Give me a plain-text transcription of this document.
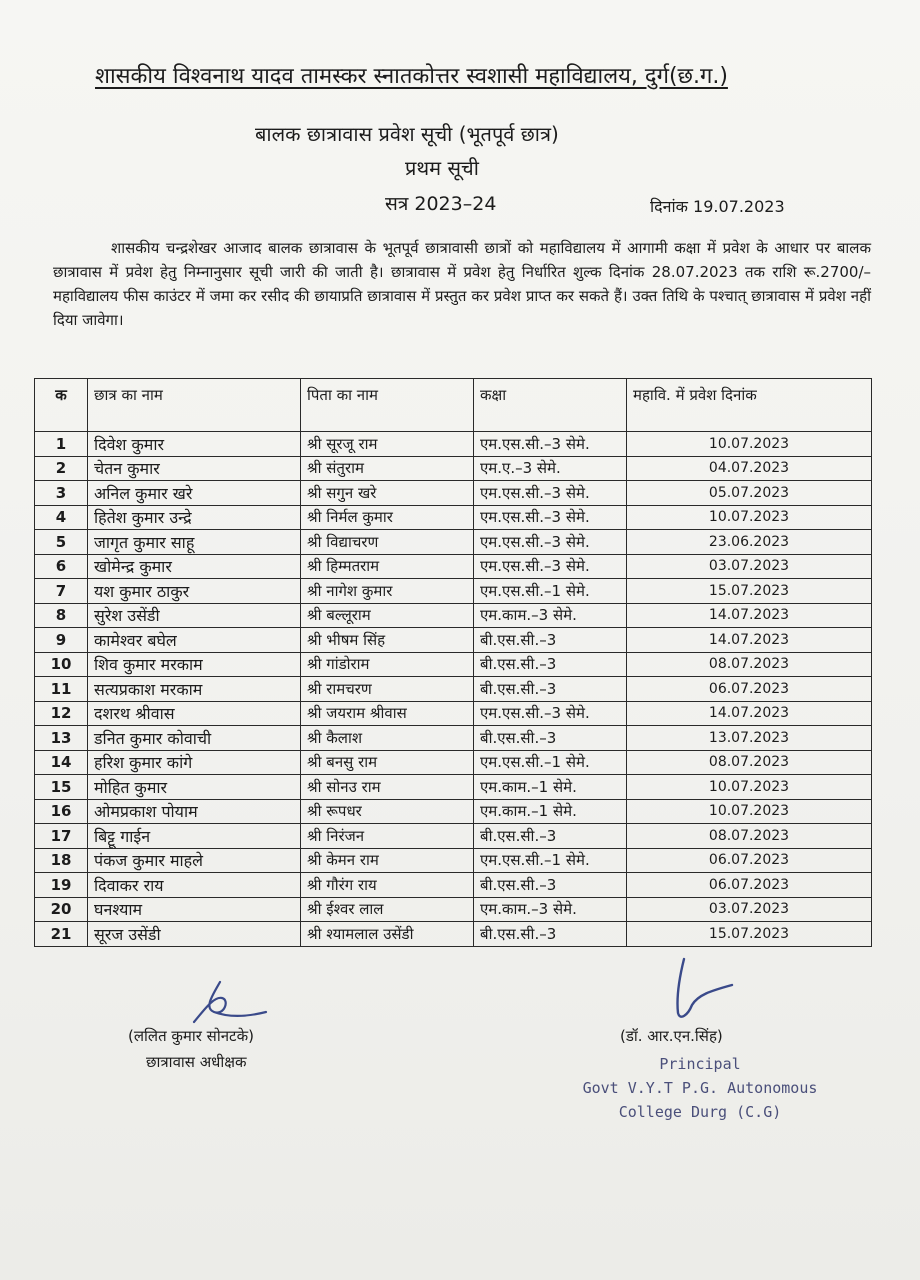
शासकीय विश्वनाथ यादव तामस्कर स्नातकोत्तर स्वशासी महाविद्यालय, दुर्ग(छ.ग.)
बालक छात्रावास प्रवेश सूची (भूतपूर्व छात्र)
प्रथम सूची
सत्र 2023–24	दिनांक 19.07.2023
शासकीय चन्द्रशेखर आजाद बालक छात्रावास के भूतपूर्व छात्रावासी छात्रों को महाविद्यालय में आगामी कक्षा में प्रवेश के आधार पर बालक छात्रावास में प्रवेश हेतु निम्नानुसार सूची जारी की जाती है। छात्रावास में प्रवेश हेतु निर्धारित शुल्क दिनांक 28.07.2023 तक राशि रू.2700/–महाविद्यालय फीस काउंटर में जमा कर रसीद की छायाप्रति छात्रावास में प्रस्तुत कर प्रवेश प्राप्त कर सकते हैं। उक्त तिथि के पश्चात् छात्रावास में प्रवेश नहीं दिया जावेगा।
क	छात्र का नाम	पिता का नाम	कक्षा	महावि. में प्रवेश दिनांक
1	दिवेश कुमार	श्री सूरजू राम	एम.एस.सी.–3 सेमे.	10.07.2023
2	चेतन कुमार	श्री संतुराम	एम.ए.–3 सेमे.	04.07.2023
3	अनिल कुमार खरे	श्री सगुन खरे	एम.एस.सी.–3 सेमे.	05.07.2023
4	हितेश कुमार उन्द्रे	श्री निर्मल कुमार	एम.एस.सी.–3 सेमे.	10.07.2023
5	जागृत कुमार साहू	श्री विद्याचरण	एम.एस.सी.–3 सेमे.	23.06.2023
6	खोमेन्द्र कुमार	श्री हिम्मतराम	एम.एस.सी.–3 सेमे.	03.07.2023
7	यश कुमार ठाकुर	श्री नागेश कुमार	एम.एस.सी.–1 सेमे.	15.07.2023
8	सुरेश उसेंडी	श्री बल्लूराम	एम.काम.–3 सेमे.	14.07.2023
9	कामेश्वर बघेल	श्री भीषम सिंह	बी.एस.सी.–3	14.07.2023
10	शिव कुमार मरकाम	श्री गांडोराम	बी.एस.सी.–3	08.07.2023
11	सत्यप्रकाश मरकाम	श्री रामचरण	बी.एस.सी.–3	06.07.2023
12	दशरथ श्रीवास	श्री जयराम श्रीवास	एम.एस.सी.–3 सेमे.	14.07.2023
13	डनित कुमार कोवाची	श्री कैलाश	बी.एस.सी.–3	13.07.2023
14	हरिश कुमार कांगे	श्री बनसु राम	एम.एस.सी.–1 सेमे.	08.07.2023
15	मोहित कुमार	श्री सोनउ राम	एम.काम.–1 सेमे.	10.07.2023
16	ओमप्रकाश पोयाम	श्री रूपधर	एम.काम.–1 सेमे.	10.07.2023
17	बिट्टू गाईन	श्री निरंजन	बी.एस.सी.–3	08.07.2023
18	पंकज कुमार माहले	श्री केमन राम	एम.एस.सी.–1 सेमे.	06.07.2023
19	दिवाकर राय	श्री गौरंग राय	बी.एस.सी.–3	06.07.2023
20	घनश्याम	श्री ईश्वर लाल	एम.काम.–3 सेमे.	03.07.2023
21	सूरज उसेंडी	श्री श्यामलाल उसेंडी	बी.एस.सी.–3	15.07.2023
(ललित कुमार सोनटके)
छात्रावास अधीक्षक
(डॉ. आर.एन.सिंह)
Principal
Govt V.Y.T P.G. Autonomous
College Durg (C.G)
